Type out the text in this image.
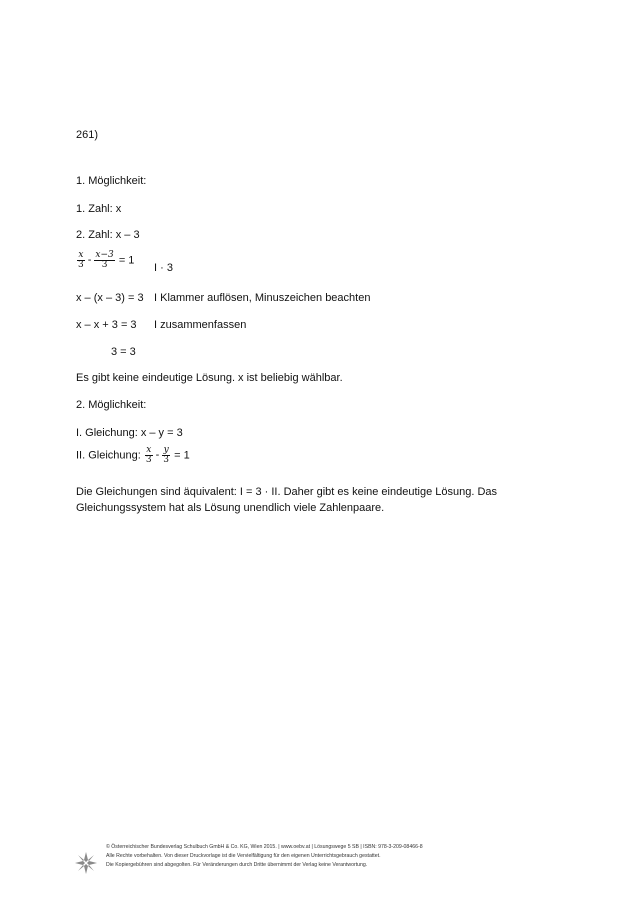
261)
1. Möglichkeit:
1. Zahl: x
2. Zahl: x – 3
$\frac{x}{3} - \frac{x-3}{3} = 1$
I · 3
x – (x – 3) = 3 I Klammer auflösen, Minuszeichen beachten
x – x + 3 = 3 I zusammenfassen
3 = 3
Es gibt keine eindeutige Lösung. x ist beliebig wählbar.
2. Möglichkeit:
I. Gleichung: x – y = 3
II. Gleichung: $\frac{x}{3} - \frac{y}{3} = 1$
Die Gleichungen sind äquivalent: I = 3 · II. Daher gibt es keine eindeutige Lösung. Das Gleichungssystem hat als Lösung unendlich viele Zahlenpaare.
© Österreichischer Bundesverlag Schulbuch GmbH & Co. KG, Wien 2015. | www.oebv.at | Lösungswege 5 SB | ISBN: 978-3-209-08466-8
Alle Rechte vorbehalten. Von dieser Druckvorlage ist die Vervielfältigung für den eigenen Unterrichtsgebrauch gestattet.
Die Kopiergebühren sind abgegolten. Für Veränderungen durch Dritte übernimmt der Verlag keine Verantwortung.
